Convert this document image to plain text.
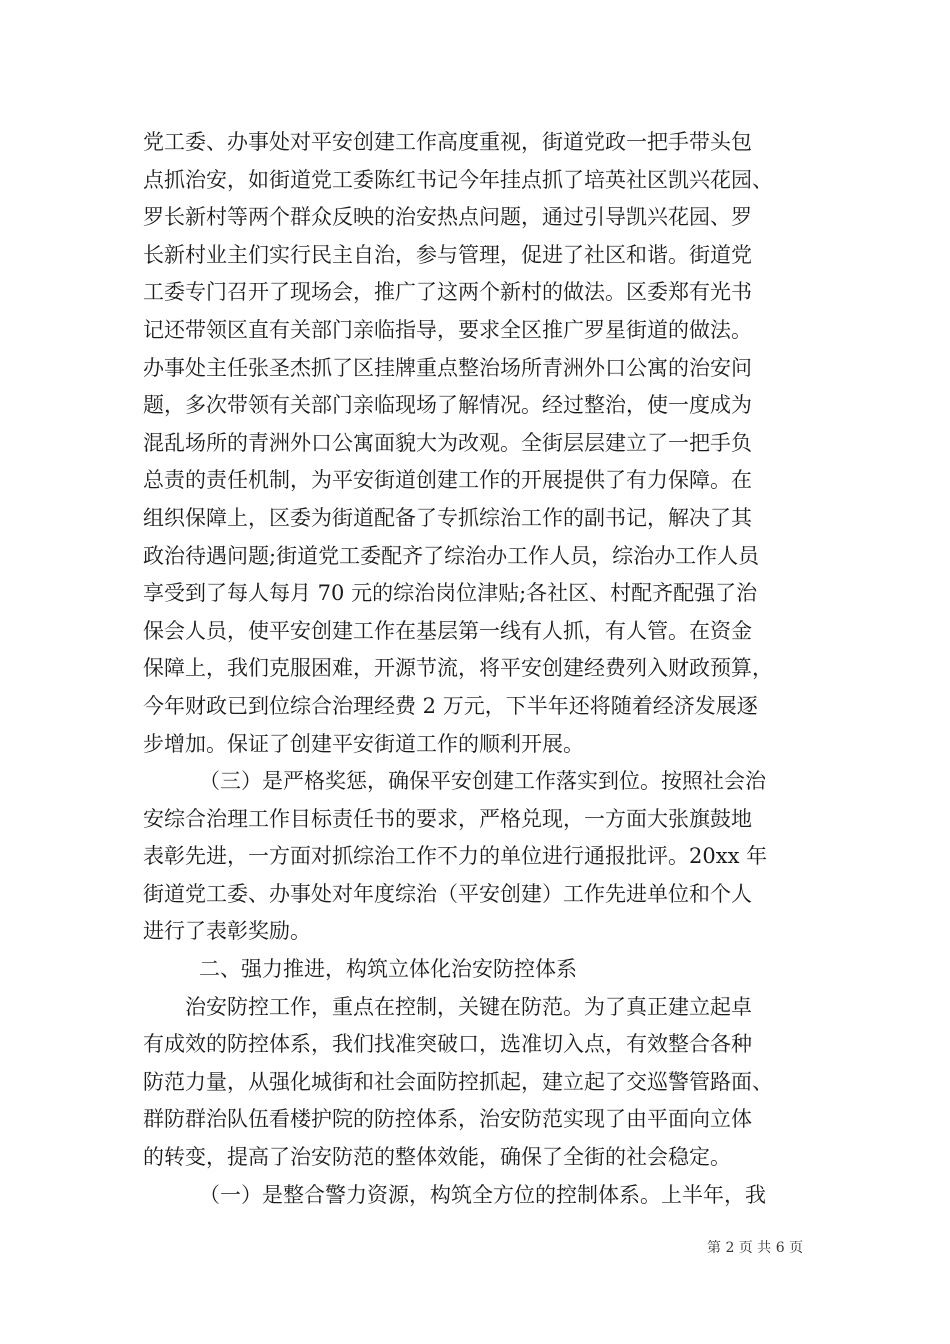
党工委、办事处对平安创建工作高度重视，街道党政一把手带头包
点抓治安，如街道党工委陈红书记今年挂点抓了培英社区凯兴花园、
罗长新村等两个群众反映的治安热点问题，通过引导凯兴花园、罗
长新村业主们实行民主自治，参与管理，促进了社区和谐。街道党
工委专门召开了现场会，推广了这两个新村的做法。区委郑有光书
记还带领区直有关部门亲临指导，要求全区推广罗星街道的做法。
办事处主任张圣杰抓了区挂牌重点整治场所青洲外口公寓的治安问
题，多次带领有关部门亲临现场了解情况。经过整治，使一度成为
混乱场所的青洲外口公寓面貌大为改观。全街层层建立了一把手负
总责的责任机制，为平安街道创建工作的开展提供了有力保障。在
组织保障上，区委为街道配备了专抓综治工作的副书记，解决了其
政治待遇问题;街道党工委配齐了综治办工作人员，综治办工作人员
享受到了每人每月 70 元的综治岗位津贴;各社区、村配齐配强了治
保会人员，使平安创建工作在基层第一线有人抓，有人管。在资金
保障上，我们克服困难，开源节流，将平安创建经费列入财政预算，
今年财政已到位综合治理经费 2 万元，下半年还将随着经济发展逐
步增加。保证了创建平安街道工作的顺利开展。
（三）是严格奖惩，确保平安创建工作落实到位。按照社会治
安综合治理工作目标责任书的要求，严格兑现，一方面大张旗鼓地
表彰先进，一方面对抓综治工作不力的单位进行通报批评。20xx 年
街道党工委、办事处对年度综治（平安创建）工作先进单位和个人
进行了表彰奖励。
二、强力推进，构筑立体化治安防控体系
治安防控工作，重点在控制，关键在防范。为了真正建立起卓
有成效的防控体系，我们找准突破口，选准切入点，有效整合各种
防范力量，从强化城街和社会面防控抓起，建立起了交巡警管路面、
群防群治队伍看楼护院的防控体系，治安防范实现了由平面向立体
的转变，提高了治安防范的整体效能，确保了全街的社会稳定。
（一）是整合警力资源，构筑全方位的控制体系。上半年，我
第 2 页 共 6 页
